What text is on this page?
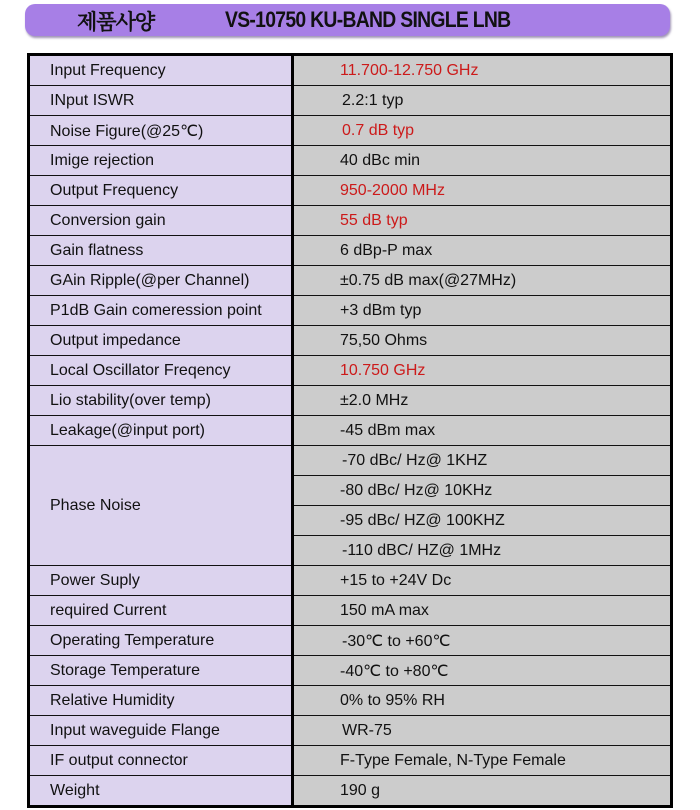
제품사양	VS-10750 KU-BAND SINGLE LNB
Input Frequency	11.700-12.750 GHz
INput ISWR	2.2:1 typ
Noise Figure(@25℃)	0.7 dB typ
Imige rejection	40 dBc min
Output Frequency	950-2000 MHz
Conversion gain	55 dB typ
Gain flatness	6 dBp-P max
GAin Ripple(@per Channel)	±0.75 dB max(@27MHz)
P1dB Gain comeression point	+3 dBm typ
Output impedance	75,50 Ohms
Local Oscillator Freqency	10.750 GHz
Lio stability(over temp)	±2.0 MHz
Leakage(@input port)	-45 dBm max
Phase Noise	-70 dBc/ Hz@ 1KHZ
	-80 dBc/ Hz@ 10KHz
	-95 dBc/ HZ@ 100KHZ
	-110 dBC/ HZ@ 1MHz
Power Suply	+15 to +24V Dc
required Current	150 mA max
Operating Temperature	-30℃ to +60℃
Storage Temperature	-40℃ to +80℃
Relative Humidity	0% to 95% RH
Input waveguide Flange	WR-75
IF output connector	F-Type Female, N-Type Female
Weight	190 g
